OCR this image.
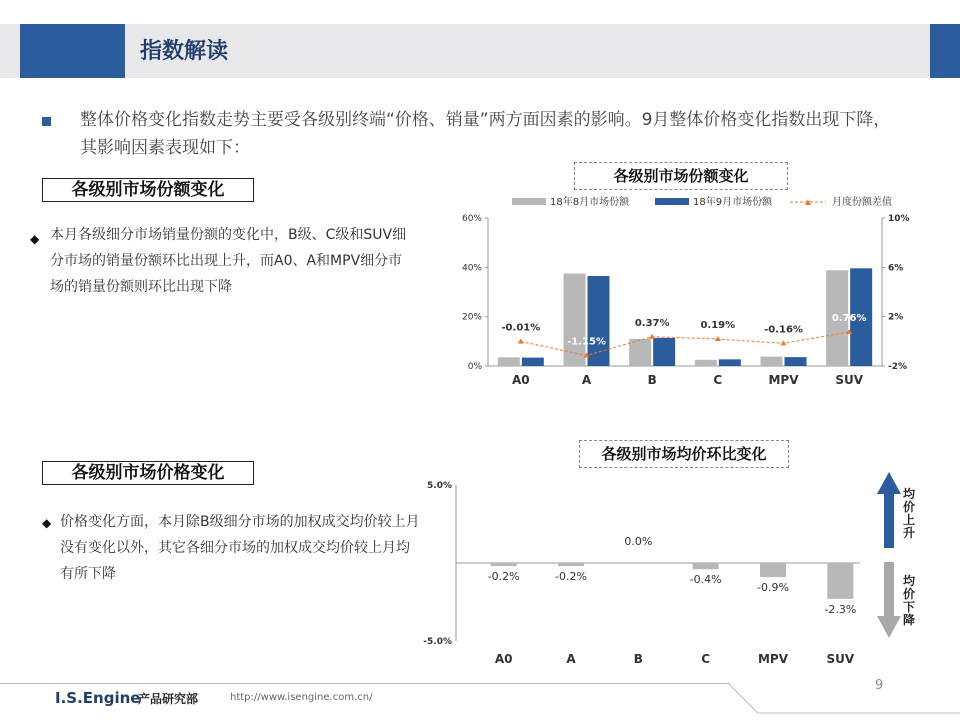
指数解读
整体价格变化指数走势主要受各级别终端“价格、销量”两方面因素的影响。9月整体价格变化指数出现下降，其影响因素表现如下：
各级别市场份额变化
◆ 本月各级细分市场销量份额的变化中，B级、C级和SUV细分市场的销量份额环比出现上升，而A0、A和MPV细分市场的销量份额则环比出现下降
各级别市场价格变化
◆ 价格变化方面，本月除B级细分市场的加权成交均价较上月没有变化以外，其它各细分市场的加权成交均价较上月均有所下降
各级别市场份额变化
18年8月市场份额	18年9月市场份额	月度份额差值
0%
20%
40%
60%
-2%
2%
6%
10%
A0	A	B	C	MPV	SUV
-0.01%
-1.15%
0.37%	0.19%	-0.16%
0.76%
各级别市场均价环比变化
5.0%
-5.0%
-0.2%
A0
-0.2%
A
0.0%
B
-0.4%
C
-0.9%
MPV
-2.3%
SUV
均价上升
均价下降
I.S.Engine
产品研究部	http://www.isengine.com.cn/
9
